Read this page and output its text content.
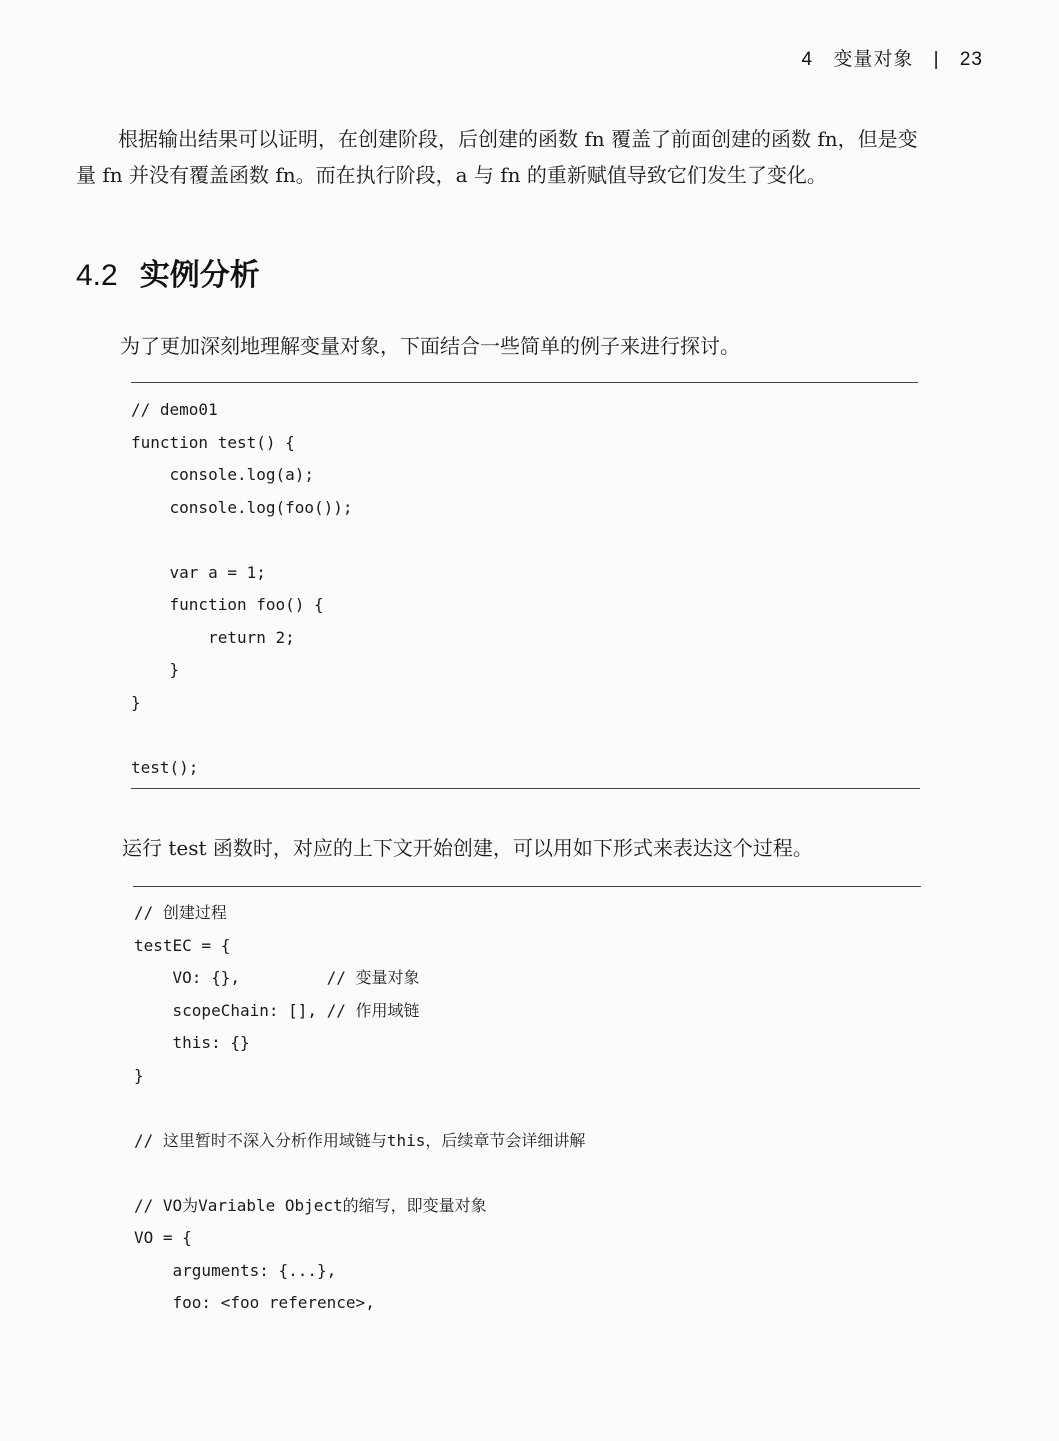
4 变量对象 | 23
根据输出结果可以证明，在创建阶段，后创建的函数 fn 覆盖了前面创建的函数 fn，但是变
量 fn 并没有覆盖函数 fn。而在执行阶段，a 与 fn 的重新赋值导致它们发生了变化。
4.2 实例分析
为了更加深刻地理解变量对象，下面结合一些简单的例子来进行探讨。
// demo01
function test() {
console.log(a);
console.log(foo());
var a = 1;
function foo() {
return 2;
}
}
test();
运行 test 函数时，对应的上下文开始创建，可以用如下形式来表达这个过程。
// 创建过程
testEC = {
VO: {},         // 变量对象
scopeChain: [], // 作用域链
this: {}
}
// 这里暂时不深入分析作用域链与this，后续章节会详细讲解
// VO为Variable Object的缩写，即变量对象
VO = {
arguments: {...},
foo: <foo reference>,
